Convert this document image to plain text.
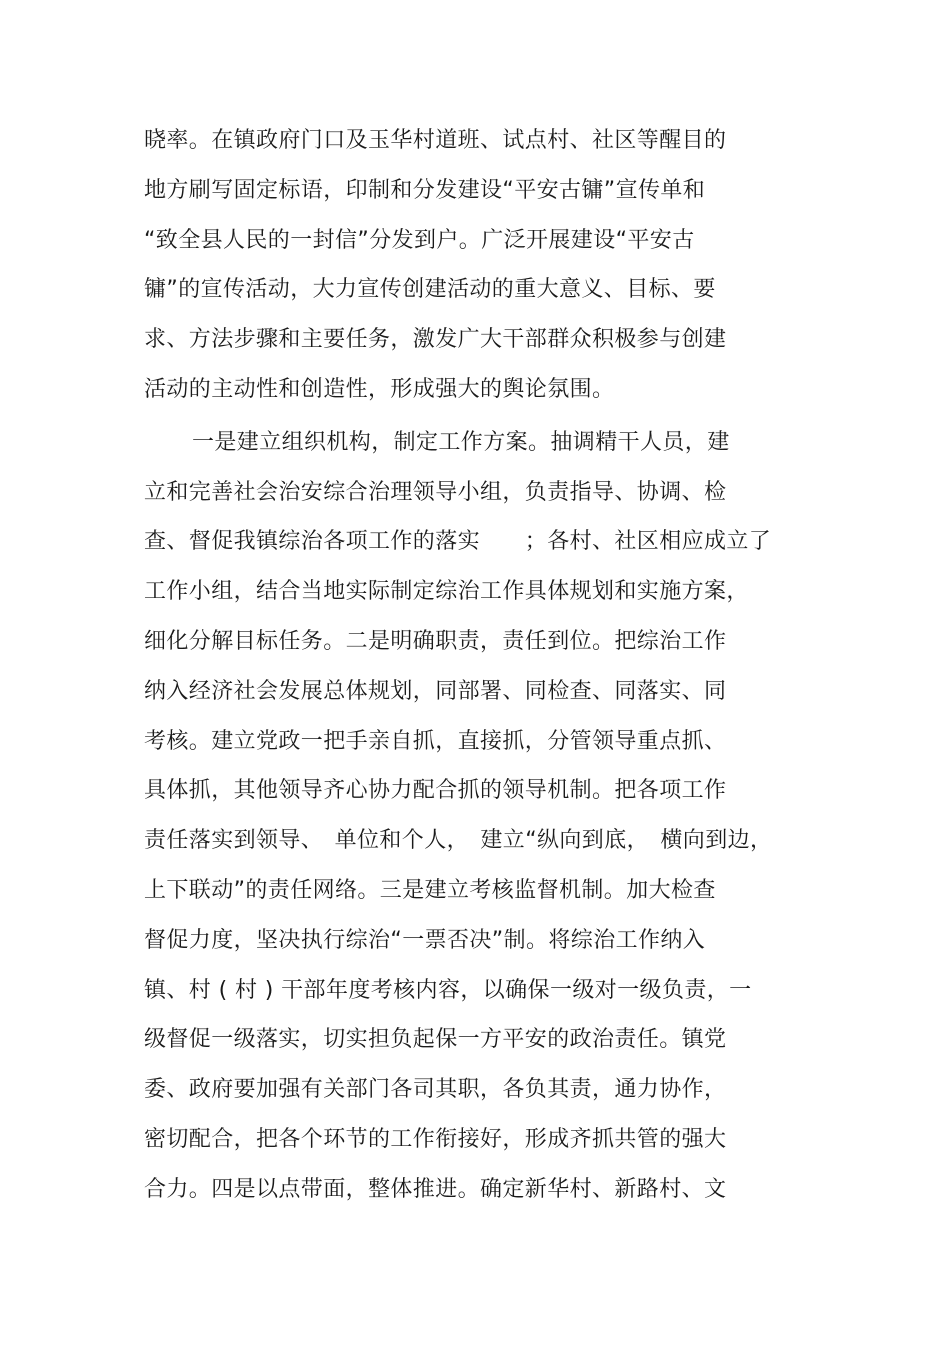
晓率。在镇政府门口及玉华村道班、试点村、社区等醒目的
地方刷写固定标语，印制和分发建设“平安古镛”宣传单和
“致全县人民的一封信”分发到户。广泛开展建设“平安古
镛”的宣传活动，大力宣传创建活动的重大意义、目标、要
求、方法步骤和主要任务，激发广大干部群众积极参与创建
活动的主动性和创造性，形成强大的舆论氛围。
一是建立组织机构，制定工作方案。抽调精干人员，建
立和完善社会治安综合治理领导小组，负责指导、协调、检
查、督促我镇综治各项工作的落实　　；各村、社区相应成立了
工作小组，结合当地实际制定综治工作具体规划和实施方案，
细化分解目标任务。二是明确职责，责任到位。把综治工作
纳入经济社会发展总体规划，同部署、同检查、同落实、同
考核。建立党政一把手亲自抓，直接抓，分管领导重点抓、
具体抓，其他领导齐心协力配合抓的领导机制。把各项工作
责任落实到领导、　单位和个人，　建立“纵向到底，　横向到边，
上下联动”的责任网络。三是建立考核监督机制。加大检查
督促力度，坚决执行综治“一票否决”制。将综治工作纳入
镇、村 ( 村 ) 干部年度考核内容，以确保一级对一级负责，一
级督促一级落实，切实担负起保一方平安的政治责任。镇党
委、政府要加强有关部门各司其职，各负其责，通力协作，
密切配合，把各个环节的工作衔接好，形成齐抓共管的强大
合力。四是以点带面，整体推进。确定新华村、新路村、文
